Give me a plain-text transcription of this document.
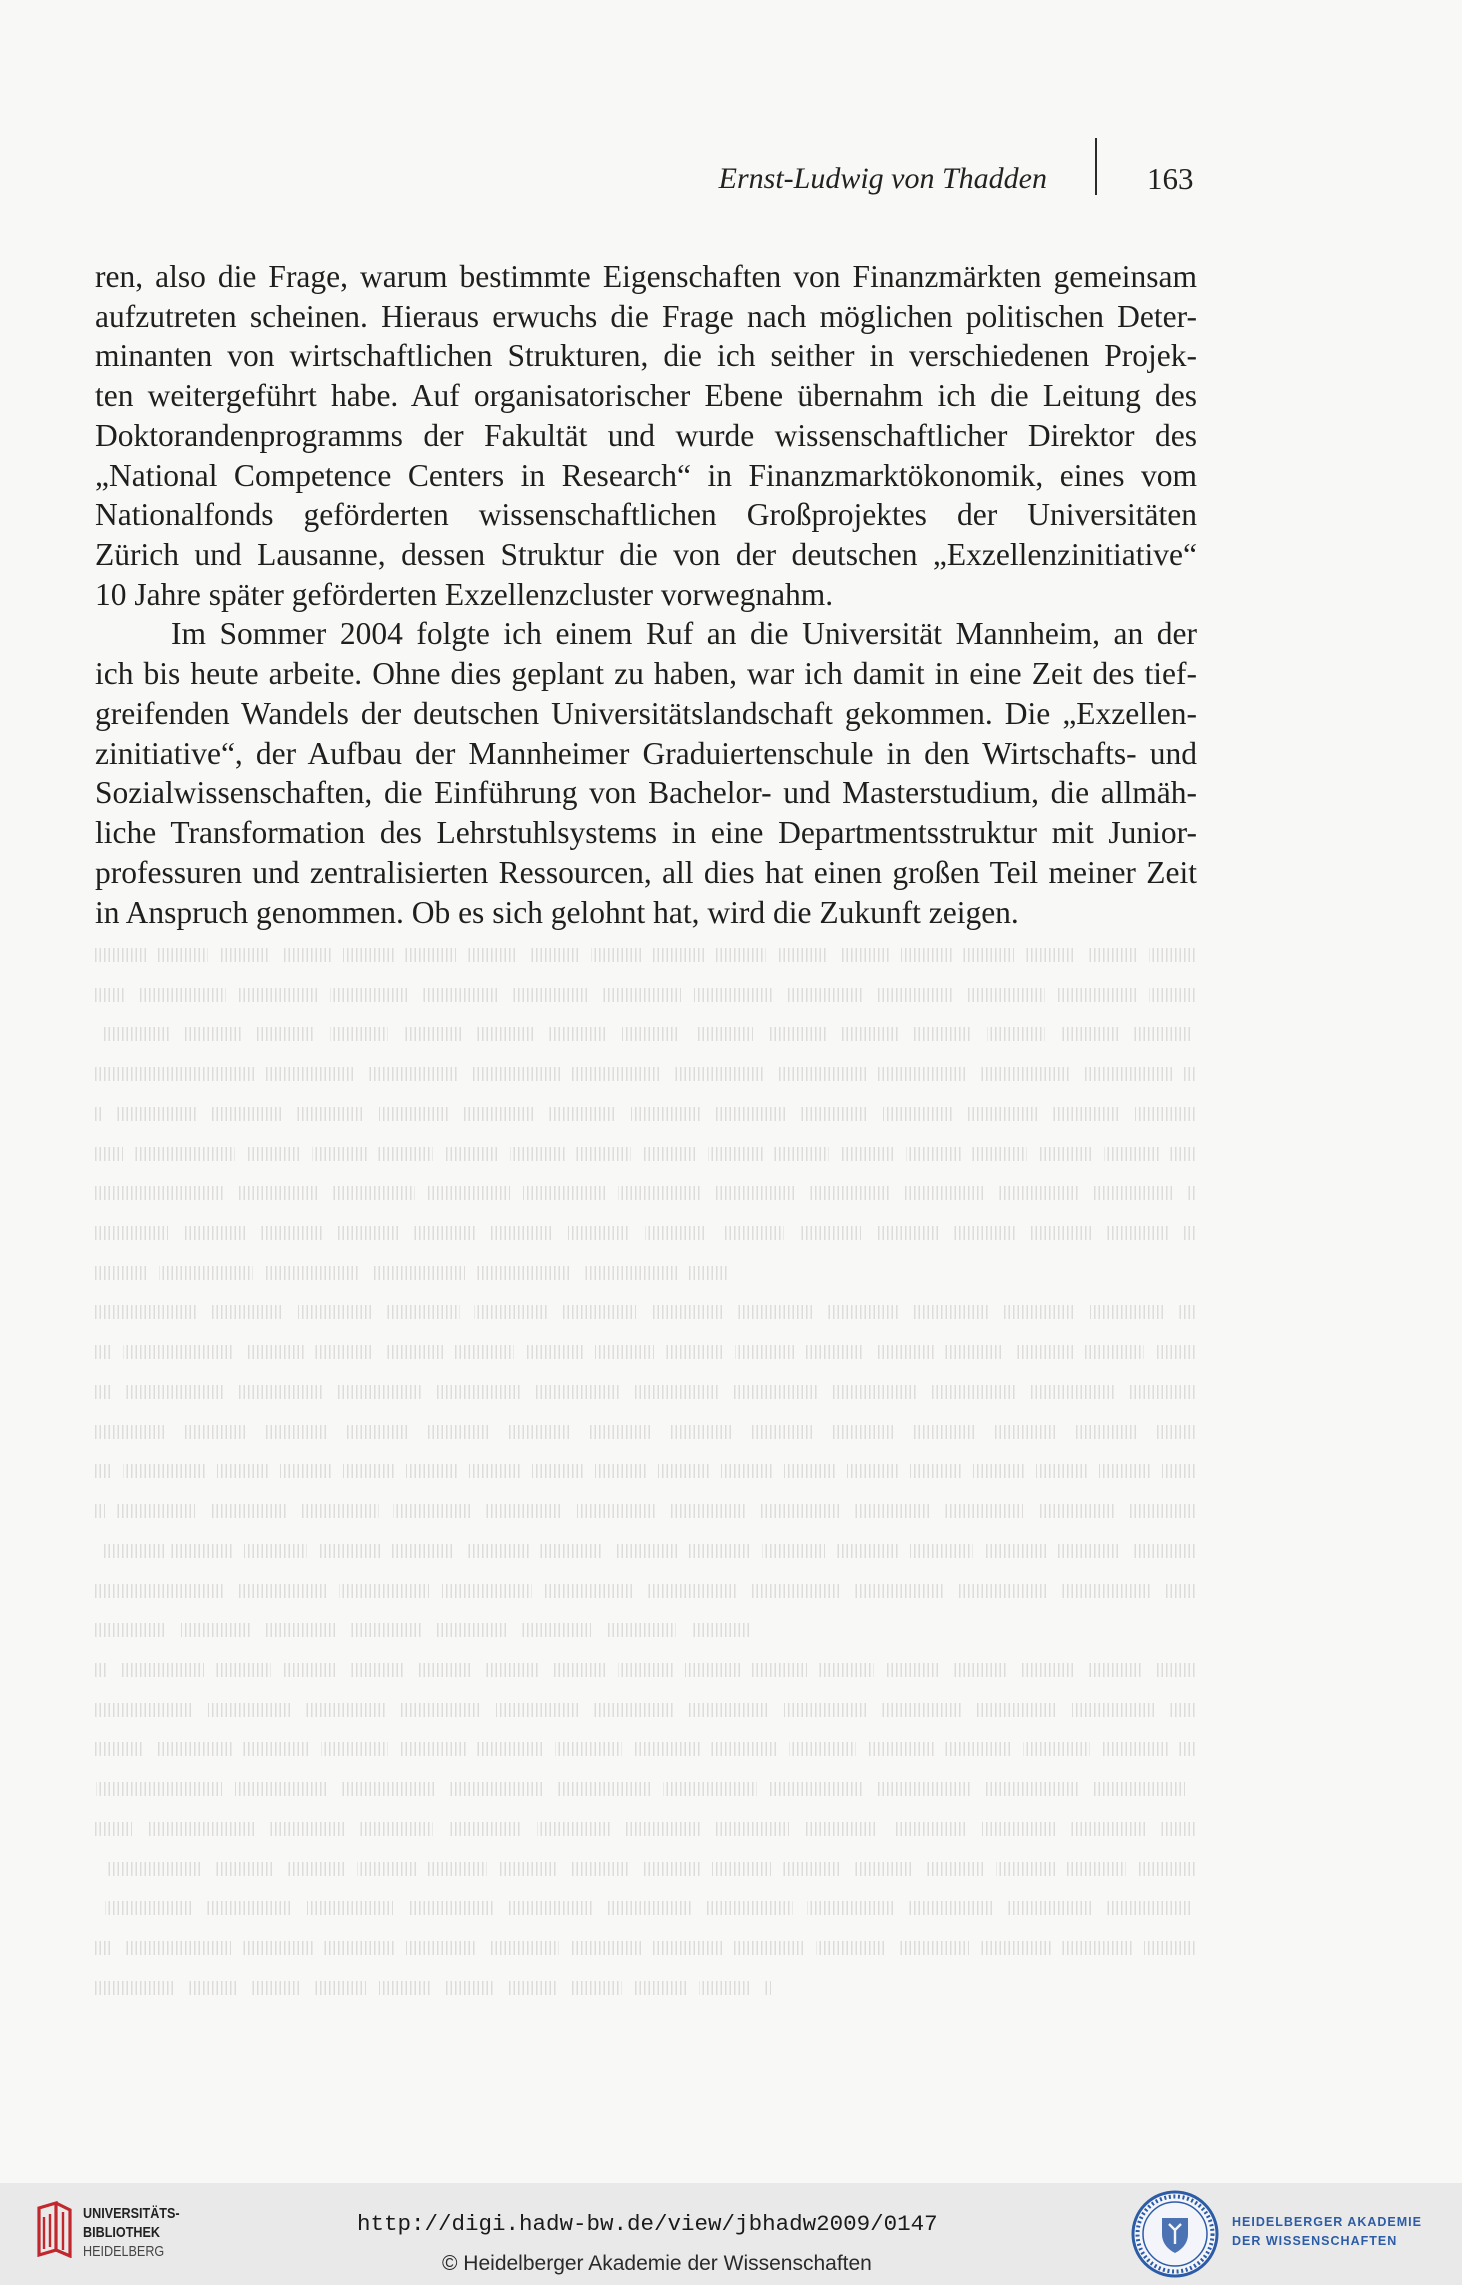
Ernst-Ludwig von Thadden	163
ren, also die Frage, warum bestimmte Eigenschaften von Finanzmärkten gemeinsam
aufzutreten scheinen. Hieraus erwuchs die Frage nach möglichen politischen Deter-
minanten von wirtschaftlichen Strukturen, die ich seither in verschiedenen Projek-
ten weitergeführt habe. Auf organisatorischer Ebene übernahm ich die Leitung des
Doktorandenprogramms der Fakultät und wurde wissenschaftlicher Direktor des
„National Competence Centers in Research“ in Finanzmarktökonomik, eines vom
Nationalfonds geförderten wissenschaftlichen Großprojektes der Universitäten
Zürich und Lausanne, dessen Struktur die von der deutschen „Exzellenzinitiative“
10 Jahre später geförderten Exzellenzcluster vorwegnahm.
Im Sommer 2004 folgte ich einem Ruf an die Universität Mannheim, an der
ich bis heute arbeite. Ohne dies geplant zu haben, war ich damit in eine Zeit des tief-
greifenden Wandels der deutschen Universitätslandschaft gekommen. Die „Exzellen-
zinitiative“, der Aufbau der Mannheimer Graduiertenschule in den Wirtschafts- und
Sozialwissenschaften, die Einführung von Bachelor- und Masterstudium, die allmäh-
liche Transformation des Lehrstuhlsystems in eine Departmentsstruktur mit Junior-
professuren und zentralisierten Ressourcen, all dies hat einen großen Teil meiner Zeit
in Anspruch genommen. Ob es sich gelohnt hat, wird die Zukunft zeigen.
UNIVERSITÄTS-
BIBLIOTHEK
HEIDELBERG
http://digi.hadw-bw.de/view/jbhadw2009/0147
© Heidelberger Akademie der Wissenschaften
HEIDELBERGER AKADEMIE
DER WISSENSCHAFTEN
